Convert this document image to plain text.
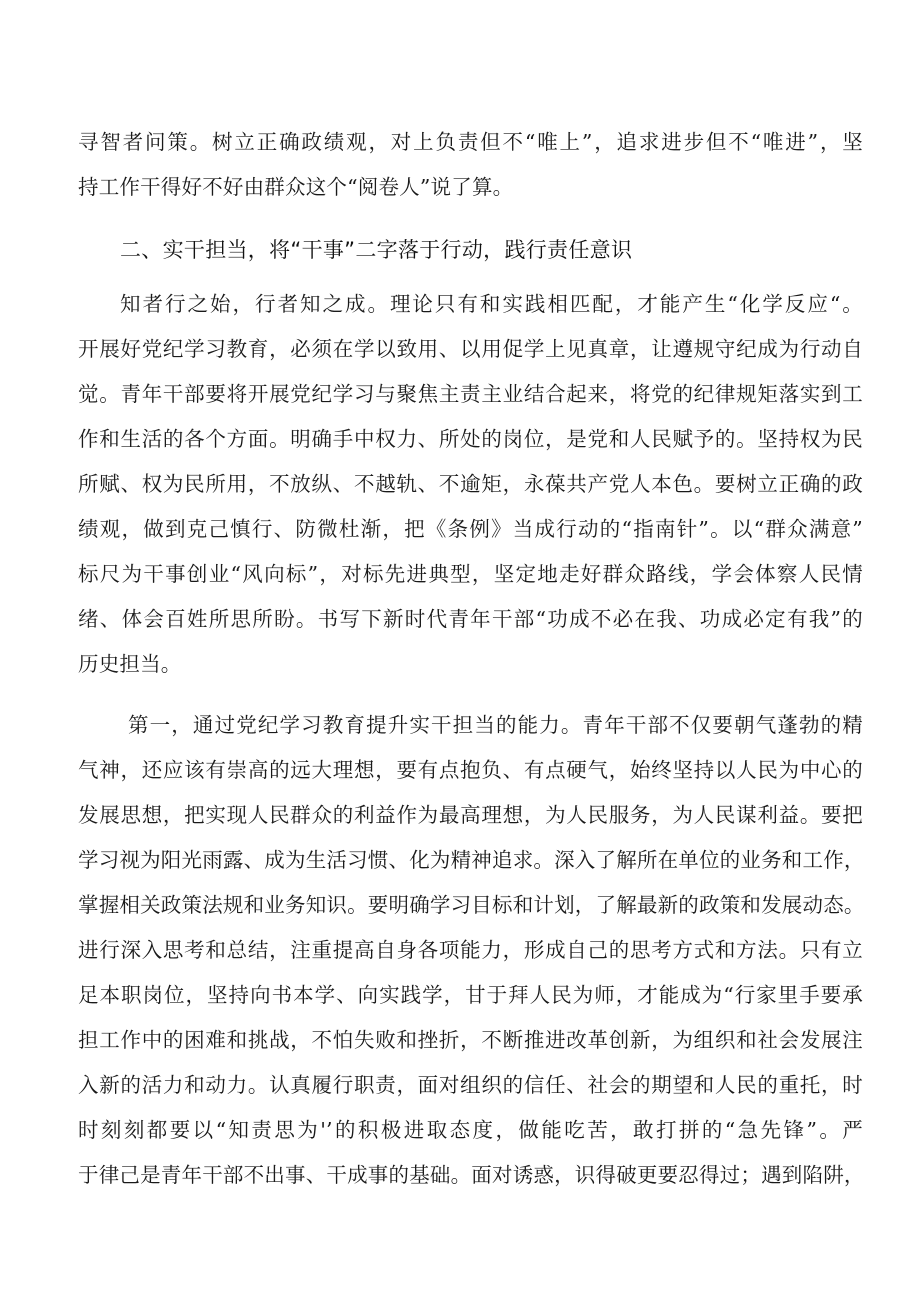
寻智者问策。树立正确政绩观，对上负责但不“唯上”，追求进步但不“唯进”，坚
持工作干得好不好由群众这个“阅卷人”说了算。
二、实干担当，将“干事”二字落于行动，践行责任意识
知者行之始，行者知之成。理论只有和实践相匹配，才能产生“化学反应“。
开展好党纪学习教育，必须在学以致用、以用促学上见真章，让遵规守纪成为行动自
觉。青年干部要将开展党纪学习与聚焦主责主业结合起来，将党的纪律规矩落实到工
作和生活的各个方面。明确手中权力、所处的岗位，是党和人民赋予的。坚持权为民
所赋、权为民所用，不放纵、不越轨、不逾矩，永葆共产党人本色。要树立正确的政
绩观，做到克己慎行、防微杜渐，把《条例》当成行动的“指南针”。以“群众满意”
标尺为干事创业“风向标”，对标先进典型，坚定地走好群众路线，学会体察人民情
绪、体会百姓所思所盼。书写下新时代青年干部“功成不必在我、功成必定有我”的
历史担当。
第一，通过党纪学习教育提升实干担当的能力。青年干部不仅要朝气蓬勃的精
气神，还应该有崇高的远大理想，要有点抱负、有点硬气，始终坚持以人民为中心的
发展思想，把实现人民群众的利益作为最高理想，为人民服务，为人民谋利益。要把
学习视为阳光雨露、成为生活习惯、化为精神追求。深入了解所在单位的业务和工作，
掌握相关政策法规和业务知识。要明确学习目标和计划，了解最新的政策和发展动态。
进行深入思考和总结，注重提高自身各项能力，形成自己的思考方式和方法。只有立
足本职岗位，坚持向书本学、向实践学，甘于拜人民为师，才能成为“行家里手要承
担工作中的困难和挑战，不怕失败和挫折，不断推进改革创新，为组织和社会发展注
入新的活力和动力。认真履行职责，面对组织的信任、社会的期望和人民的重托，时
时刻刻都要以“知责思为'’的积极进取态度，做能吃苦，敢打拼的“急先锋”。严
于律己是青年干部不出事、干成事的基础。面对诱惑，识得破更要忍得过；遇到陷阱，
